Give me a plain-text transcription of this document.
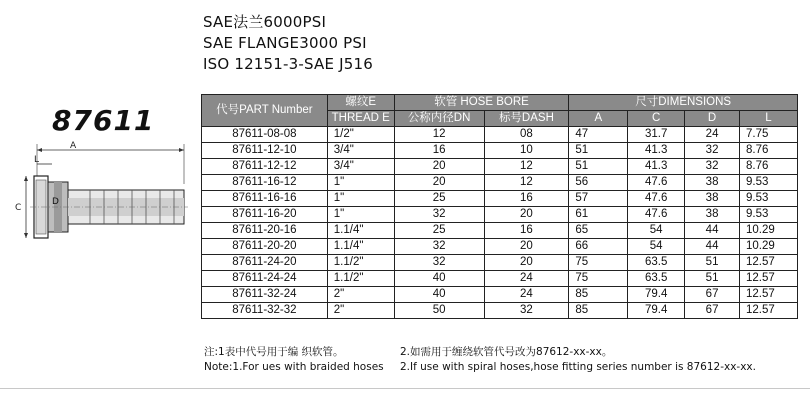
SAE法兰6000PSI
SAE FLANGE3000 PSI
ISO 12151-3-SAE J516
87611
A
L
C
D
代号PART Number	螺纹E	软管 HOSE BORE		尺寸DIMENSIONS			
	THREAD E	公称内径DN	标号DASH	A	C	D	L
87611-08-08	1/2"	12	08	47	31.7	24	7.75
87611-12-10	3/4"	16	10	51	41.3	32	8.76
87611-12-12	3/4"	20	12	51	41.3	32	8.76
87611-16-12	1"	20	12	56	47.6	38	9.53
87611-16-16	1"	25	16	57	47.6	38	9.53
87611-16-20	1"	32	20	61	47.6	38	9.53
87611-20-16	1.1/4"	25	16	65	54	44	10.29
87611-20-20	1.1/4"	32	20	66	54	44	10.29
87611-24-20	1.1/2"	32	20	75	63.5	51	12.57
87611-24-24	1.1/2"	40	24	75	63.5	51	12.57
87611-32-24	2"	40	24	85	79.4	67	12.57
87611-32-32	2"	50	32	85	79.4	67	12.57
注:1表中代号用于编 织软管。
Note:1.For ues with braided hoses
2.如需用于缠绕软管代号改为87612-xx-xx。
2.If use with spiral hoses,hose fitting series number is 87612-xx-xx.
